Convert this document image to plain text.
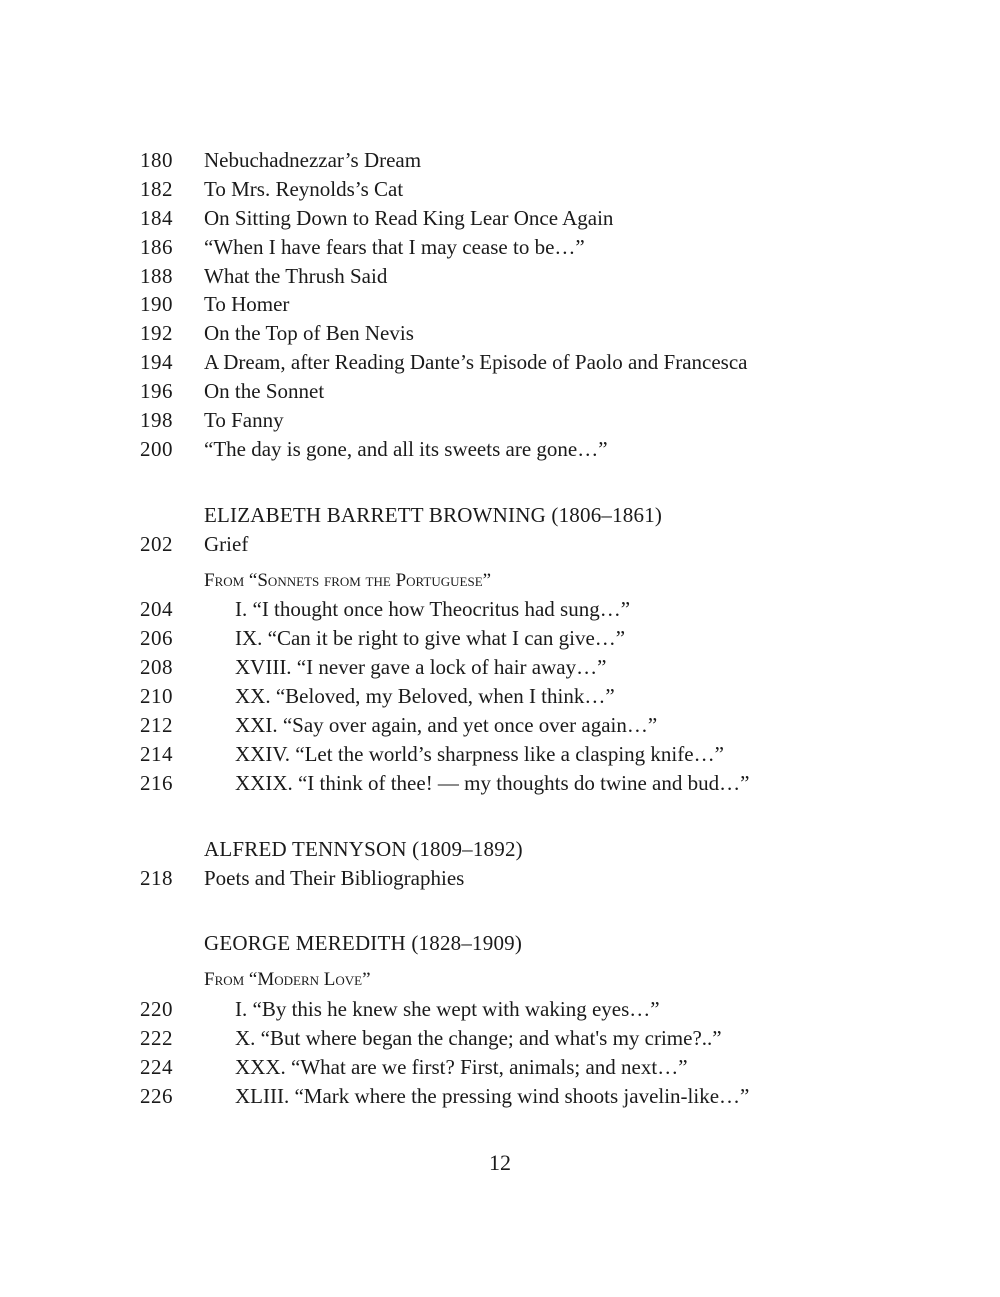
180	Nebuchadnezzar’s Dream
182	To Mrs. Reynolds’s Cat
184	On Sitting Down to Read King Lear Once Again
186	“When I have fears that I may cease to be…”
188	What the Thrush Said
190	To Homer
192	On the Top of Ben Nevis
194	A Dream, after Reading Dante’s Episode of Paolo and Francesca
196	On the Sonnet
198	To Fanny
200	“The day is gone, and all its sweets are gone…”
ELIZABETH BARRETT BROWNING (1806–1861)
202	Grief
From “Sonnets from the Portuguese”
204	I. “I thought once how Theocritus had sung…”
206	IX. “Can it be right to give what I can give…”
208	XVIII. “I never gave a lock of hair away…”
210	XX. “Beloved, my Beloved, when I think…”
212	XXI. “Say over again, and yet once over again…”
214	XXIV. “Let the world’s sharpness like a clasping knife…”
216	XXIX. “I think of thee! — my thoughts do twine and bud…”
ALFRED TENNYSON (1809–1892)
218	Poets and Their Bibliographies
GEORGE MEREDITH (1828–1909)
From “Modern Love”
220	I. “By this he knew she wept with waking eyes…”
222	X. “But where began the change; and what's my crime?..”
224	XXX. “What are we first? First, animals; and next…”
226	XLIII. “Mark where the pressing wind shoots javelin-like…”
12
